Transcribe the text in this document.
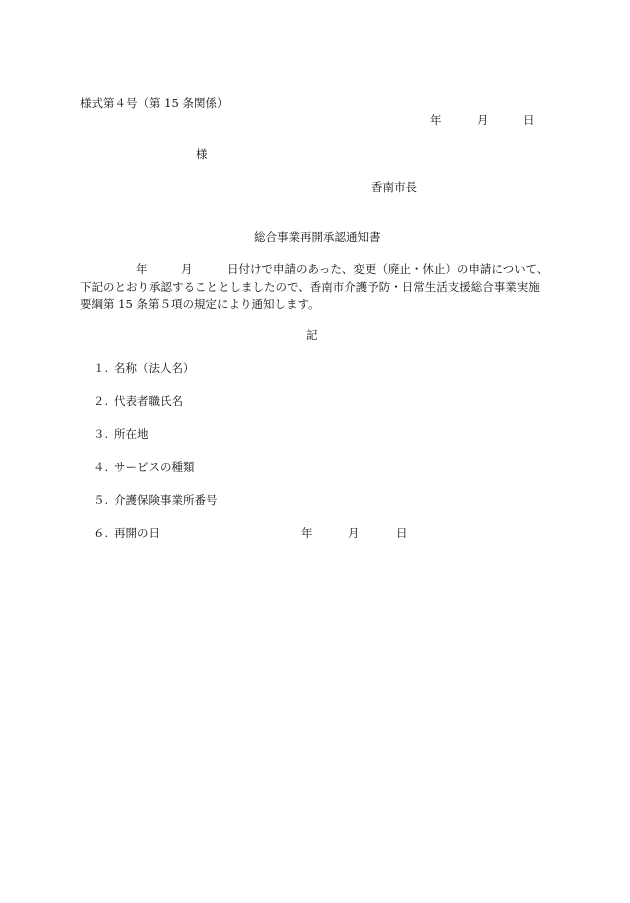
様式第４号（第 15 条関係）
年	月	日
様
香南市長
総合事業再開承認通知書
年	月	日付けで申請のあった、変更（廃止・休止）の申請について、
下記のとおり承認することとしましたので、香南市介護予防・日常生活支援総合事業実施
要綱第 15 条第５項の規定により通知します。
記
１. 名称（法人名）
２. 代表者職氏名
３. 所在地
４. サービスの種類
５. 介護保険事業所番号
６. 再開の日	年	月	日
